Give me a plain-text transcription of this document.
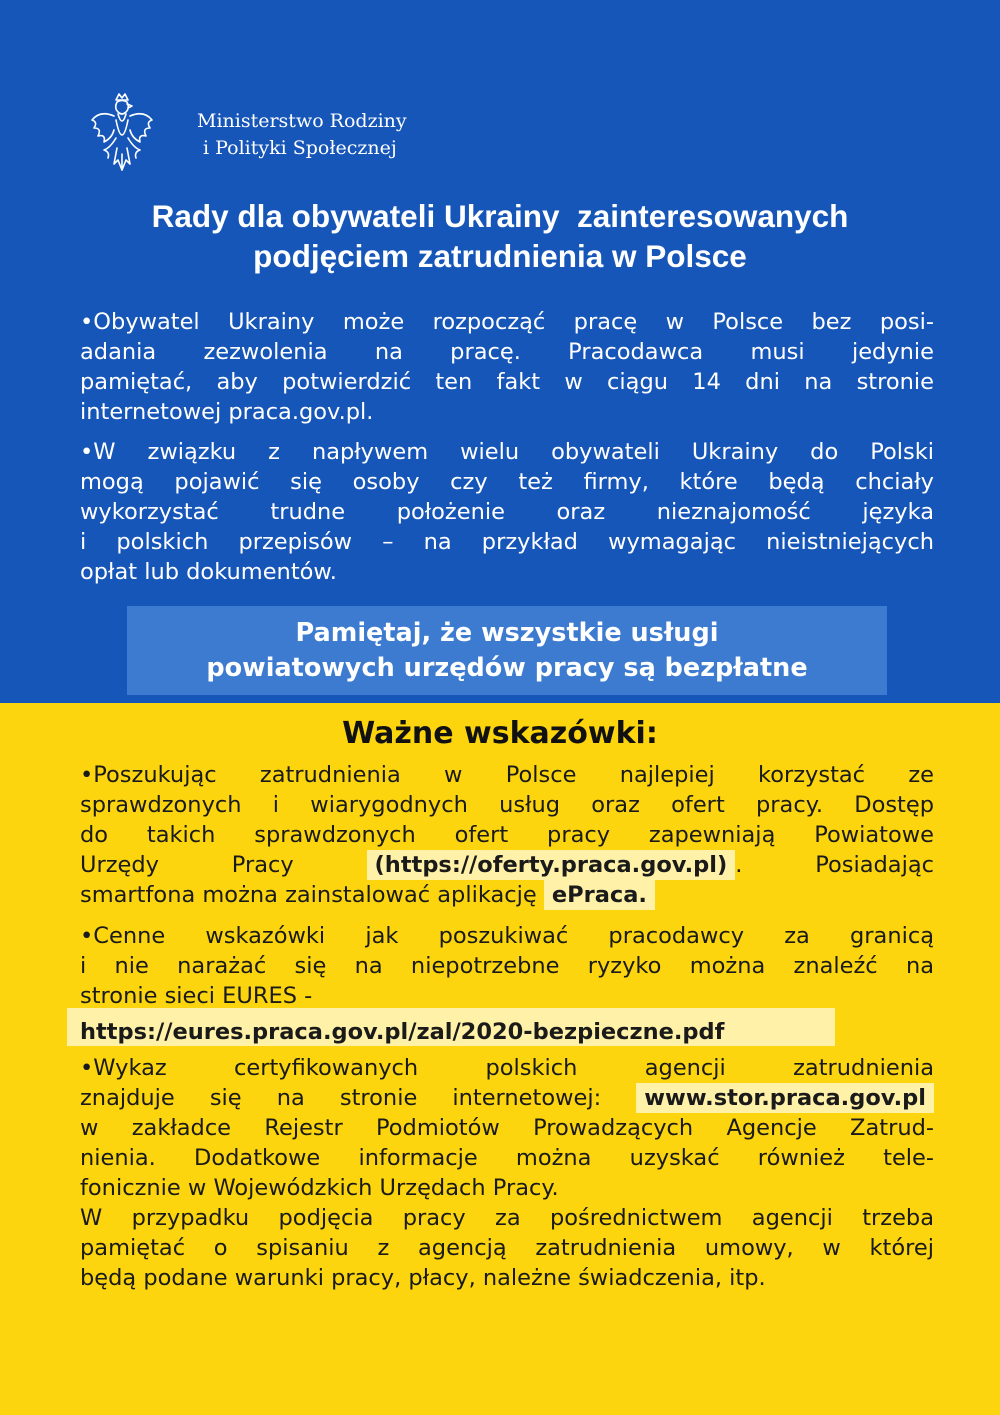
Ministerstwo Rodziny
i Polityki Społecznej
Rady dla obywateli Ukrainy  zainteresowanych
podjęciem zatrudnienia w Polsce
•Obywatel Ukrainy może rozpocząć pracę w Polsce bez posi-
adania zezwolenia na pracę. Pracodawca musi jedynie
pamiętać, aby potwierdzić ten fakt w ciągu 14 dni na stronie
internetowej praca.gov.pl.
•W związku z napływem wielu obywateli Ukrainy do Polski
mogą pojawić się osoby czy też firmy, które będą chciały
wykorzystać trudne położenie oraz nieznajomość języka
i polskich przepisów – na przykład wymagając nieistniejących
opłat lub dokumentów.
Pamiętaj, że wszystkie usługi
powiatowych urzędów pracy są bezpłatne
Ważne wskazówki:
•Poszukując zatrudnienia w Polsce najlepiej korzystać ze
sprawdzonych i wiarygodnych usług oraz ofert pracy. Dostęp
do takich sprawdzonych ofert pracy zapewniają Powiatowe
Urzędy Pracy	(https://oferty.praca.gov.pl) . Posiadając
smartfona można zainstalować aplikację ePraca.
•Cenne wskazówki jak poszukiwać pracodawcy za granicą
i nie narażać się na niepotrzebne ryzyko można znaleźć na
stronie sieci EURES -
https://eures.praca.gov.pl/zal/2020-bezpieczne.pdf
•Wykaz certyfikowanych polskich agencji zatrudnienia
znajduje się na stronie internetowej: www.stor.praca.gov.pl
w zakładce Rejestr Podmiotów Prowadzących Agencje Zatrud-
nienia. Dodatkowe informacje można uzyskać również tele-
fonicznie w Wojewódzkich Urzędach Pracy.
W przypadku podjęcia pracy za pośrednictwem agencji trzeba
pamiętać o spisaniu z agencją zatrudnienia umowy, w której
będą podane warunki pracy, płacy, należne świadczenia, itp.
